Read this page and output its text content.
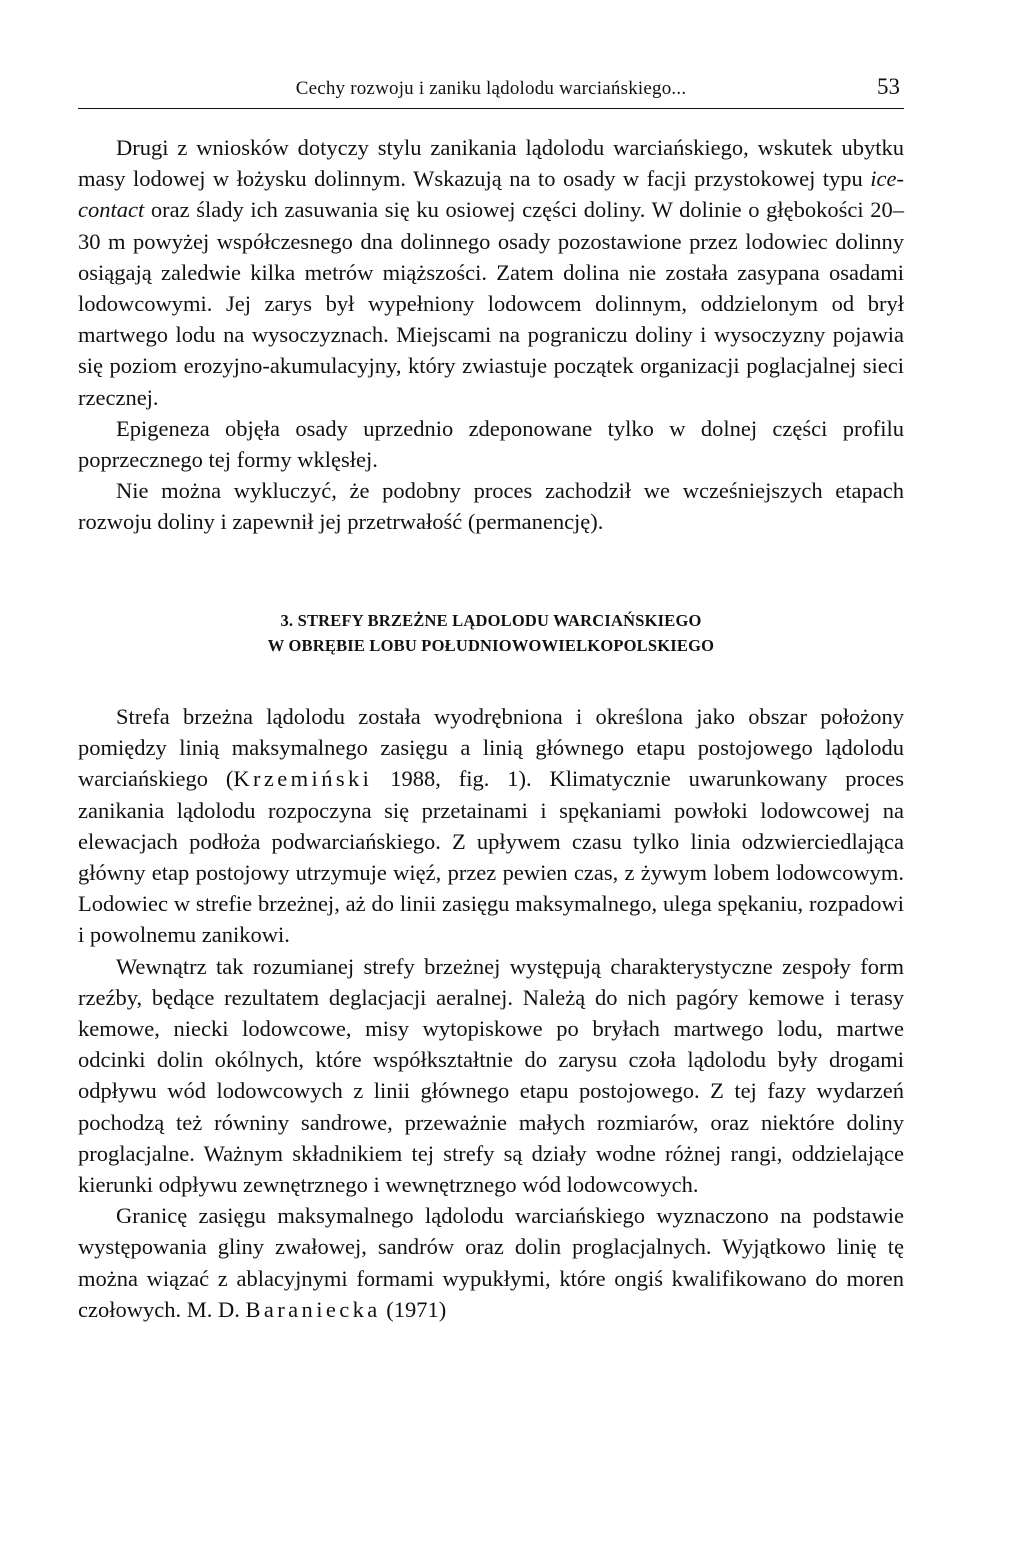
Cechy rozwoju i zaniku lądolodu warciańskiego...	53

Drugi z wniosków dotyczy stylu zanikania lądolodu warciańskiego, wskutek ubytku masy lodowej w łożysku dolinnym. Wskazują na to osady w facji przystokowej typu ice-contact oraz ślady ich zasuwania się ku osiowej części doliny. W dolinie o głębokości 20–30 m powyżej współczesnego dna dolinnego osady pozostawione przez lodowiec dolinny osiągają zaledwie kilka metrów miąższości. Zatem dolina nie została zasypana osadami lodowcowymi. Jej zarys był wypełniony lodowcem dolinnym, oddzielonym od brył martwego lodu na wysoczyznach. Miejscami na pograniczu doliny i wysoczyzny pojawia się poziom erozyjno-akumulacyjny, który zwiastuje początek organizacji poglacjalnej sieci rzecznej.

Epigeneza objęła osady uprzednio zdeponowane tylko w dolnej części profilu poprzecznego tej formy wklęsłej.

Nie można wykluczyć, że podobny proces zachodził we wcześniejszych etapach rozwoju doliny i zapewnił jej przetrwałość (permanencję).

3. STREFY BRZEŻNE LĄDOLODU WARCIAŃSKIEGO
W OBRĘBIE LOBU POŁUDNIOWOWIELKOPOLSKIEGO

Strefa brzeżna lądolodu została wyodrębniona i określona jako obszar położony pomiędzy linią maksymalnego zasięgu a linią głównego etapu postojowego lądolodu warciańskiego (Krzemiński 1988, fig. 1). Klimatycznie uwarunkowany proces zanikania lądolodu rozpoczyna się przetainami i spękaniami powłoki lodowcowej na elewacjach podłoża podwarciańskiego. Z upływem czasu tylko linia odzwierciedlająca główny etap postojowy utrzymuje więź, przez pewien czas, z żywym lobem lodowcowym. Lodowiec w strefie brzeżnej, aż do linii zasięgu maksymalnego, ulega spękaniu, rozpadowi i powolnemu zanikowi.

Wewnątrz tak rozumianej strefy brzeżnej występują charakterystyczne zespoły form rzeźby, będące rezultatem deglacjacji aeralnej. Należą do nich pagóry kemowe i terasy kemowe, niecki lodowcowe, misy wytopiskowe po bryłach martwego lodu, martwe odcinki dolin okólnych, które współkształtnie do zarysu czoła lądolodu były drogami odpływu wód lodowcowych z linii głównego etapu postojowego. Z tej fazy wydarzeń pochodzą też równiny sandrowe, przeważnie małych rozmiarów, oraz niektóre doliny proglacjalne. Ważnym składnikiem tej strefy są działy wodne różnej rangi, oddzielające kierunki odpływu zewnętrznego i wewnętrznego wód lodowcowych.

Granicę zasięgu maksymalnego lądolodu warciańskiego wyznaczono na podstawie występowania gliny zwałowej, sandrów oraz dolin proglacjalnych. Wyjątkowo linię tę można wiązać z ablacyjnymi formami wypukłymi, które ongiś kwalifikowano do moren czołowych. M. D. Baraniecka (1971)
